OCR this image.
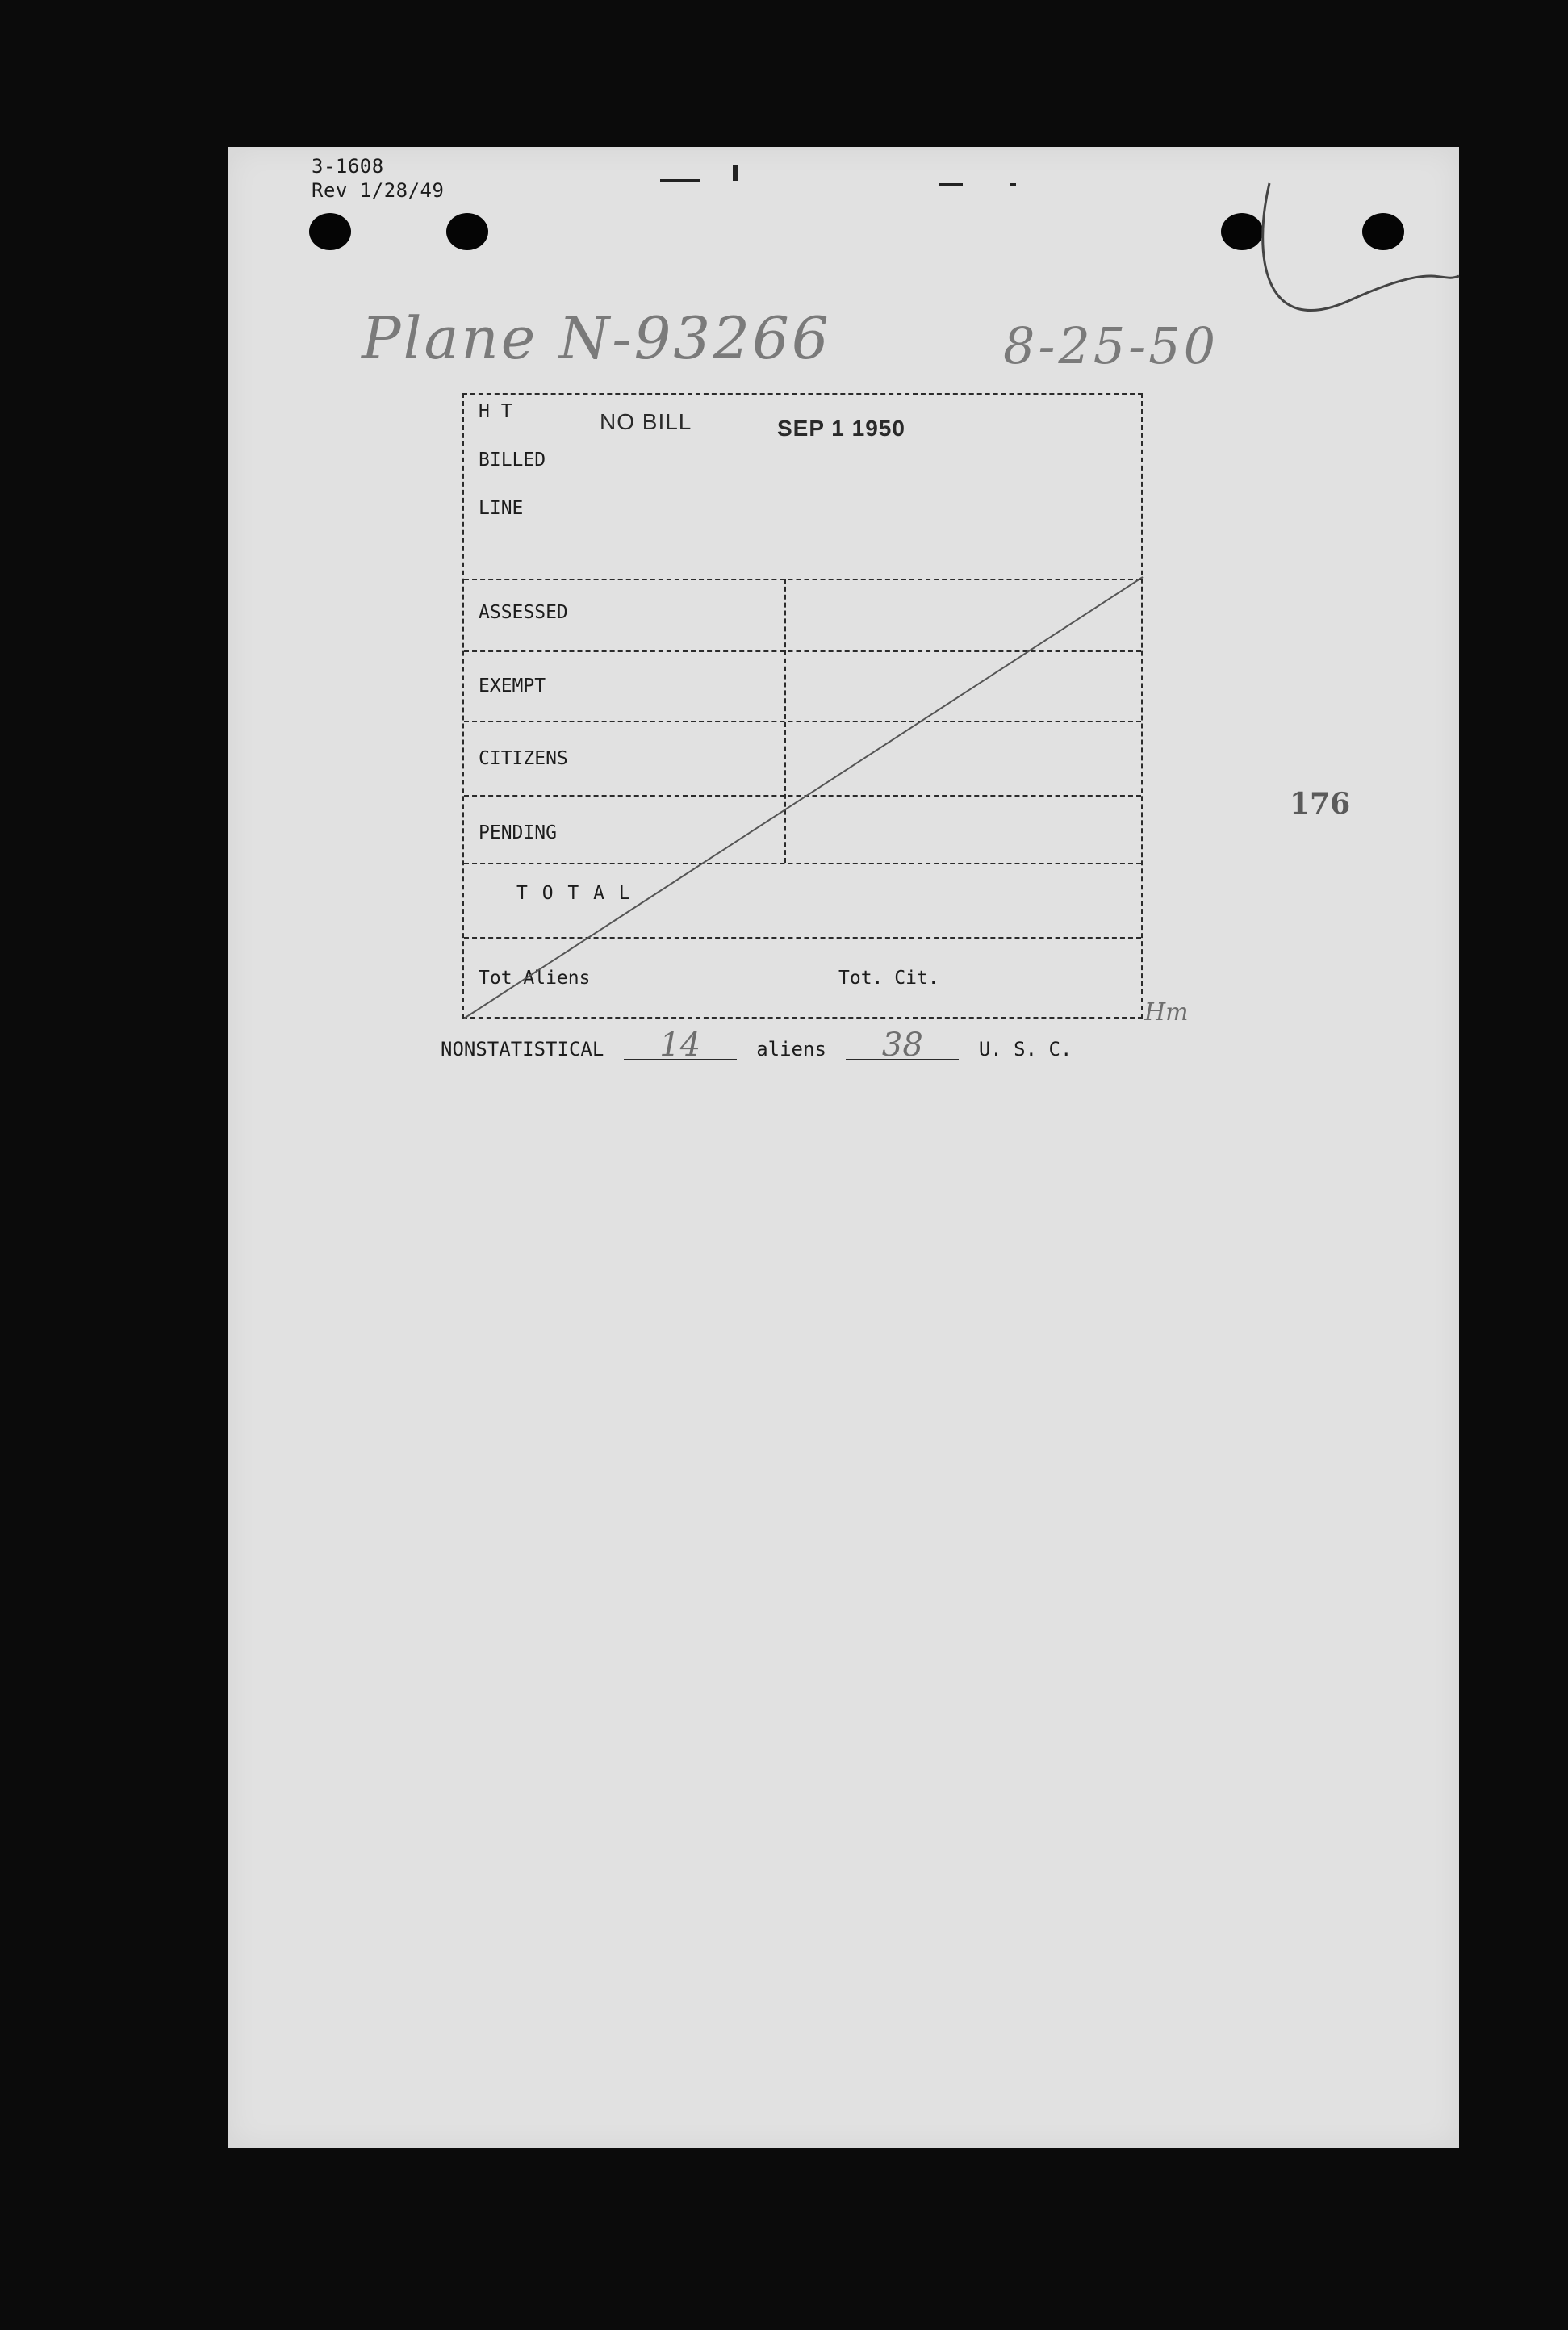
3-1608
Rev 1/28/49
Plane N-93266	8-25-50
H T
BILLED
LINE
NO BILL	SEP 1 1950
ASSESSED
EXEMPT
CITIZENS
PENDING
T O T A L
Tot Aliens	Tot. Cit.
Hm
176
NONSTATISTICAL 14	aliens 38	U. S. C.
